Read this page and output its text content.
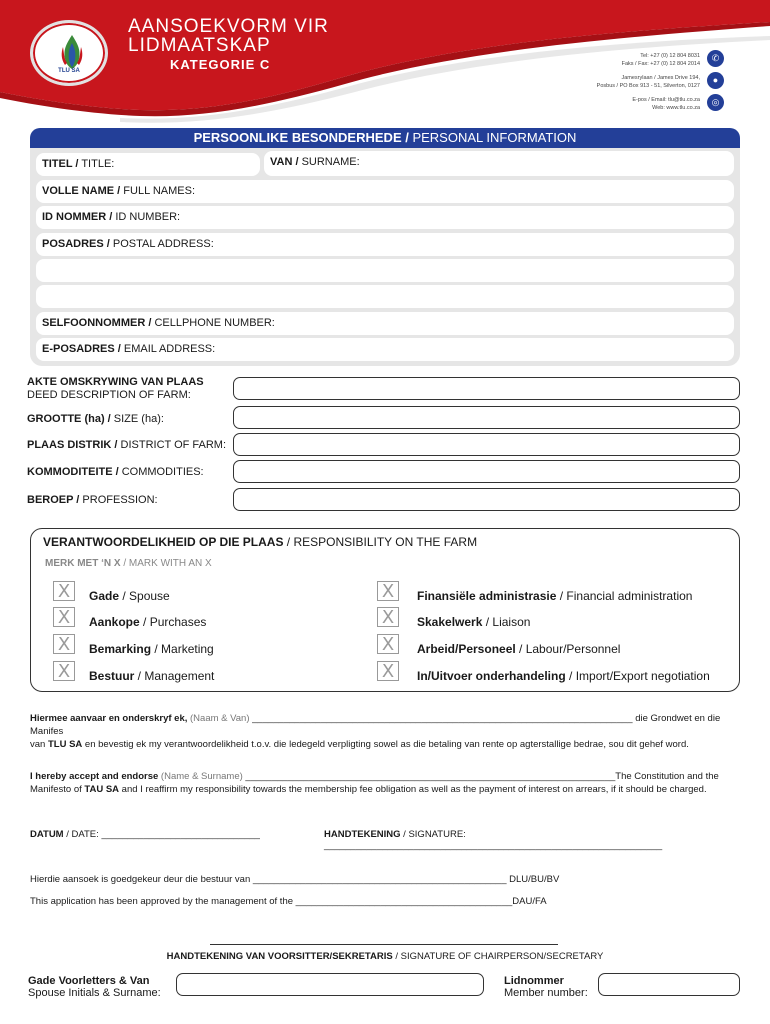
TLU SA
AANSOEKVORM VIR
LIDMAATSKAP
KATEGORIE C
Tel: +27 (0) 12 804 8031
Faks / Fax: +27 (0) 12 804 2014
Jamesrylaan / James Drive 194,
Posbus / PO Box 913 - 51, Silverton, 0127
E-pos / Email: tlu@tlu.co.za
Web: www.tlu.co.za
✆
●
◎
PERSOONLIKE BESONDERHEDE / PERSONAL INFORMATION
TITEL / TITLE:	VAN / SURNAME:
VOLLE NAME / FULL NAMES:
ID NOMMER / ID NUMBER:
POSADRES / POSTAL ADDRESS:
SELFOONNOMMER / CELLPHONE NUMBER:
E-POSADRES / EMAIL ADDRESS:
AKTE OMSKRYWING VAN PLAAS
DEED DESCRIPTION OF FARM:
GROOTTE (ha) / SIZE (ha):
PLAAS DISTRIK / DISTRICT OF FARM:
KOMMODITEITE / COMMODITIES:
BEROEP / PROFESSION:
VERANTWOORDELIKHEID OP DIE PLAAS / RESPONSIBILITY ON THE FARM
MERK MET ‘N X / MARK WITH AN X
X	Gade / Spouse
X	Aankope / Purchases
X	Bemarking / Marketing
X	Bestuur / Management
X	Finansiële administrasie / Financial administration
X	Skakelwerk / Liaison
X	Arbeid/Personeel / Labour/Personnel
X	In/Uitvoer onderhandeling / Import/Export negotiation
Hiermee aanvaar en onderskryf ek, (Naam & Van) ________________________________________________________________________ die Grondwet en die Manifes
van TLU SA en bevestig ek my verantwoordelikheid t.o.v. die ledegeld verpligting sowel as die betaling van rente op agterstallige bedrae, sou dit gehef word.
I hereby accept and endorse (Name & Surname) ______________________________________________________________________The Constitution and the
Manifesto of TAU SA and I reaffirm my responsibility towards the membership fee obligation as well as the payment of interest on arrears, if it should be charged.
DATUM / DATE: ______________________________	HANDTEKENING / SIGNATURE: ________________________________________________________________
Hierdie aansoek is goedgekeur deur die bestuur van ________________________________________________ DLU/BU/BV
This application has been approved by the management of the _________________________________________DAU/FA
HANDTEKENING VAN VOORSITTER/SEKRETARIS / SIGNATURE OF CHAIRPERSON/SECRETARY
Gade Voorletters & Van
Spouse Initials & Surname:
Lidnommer
Member number:
